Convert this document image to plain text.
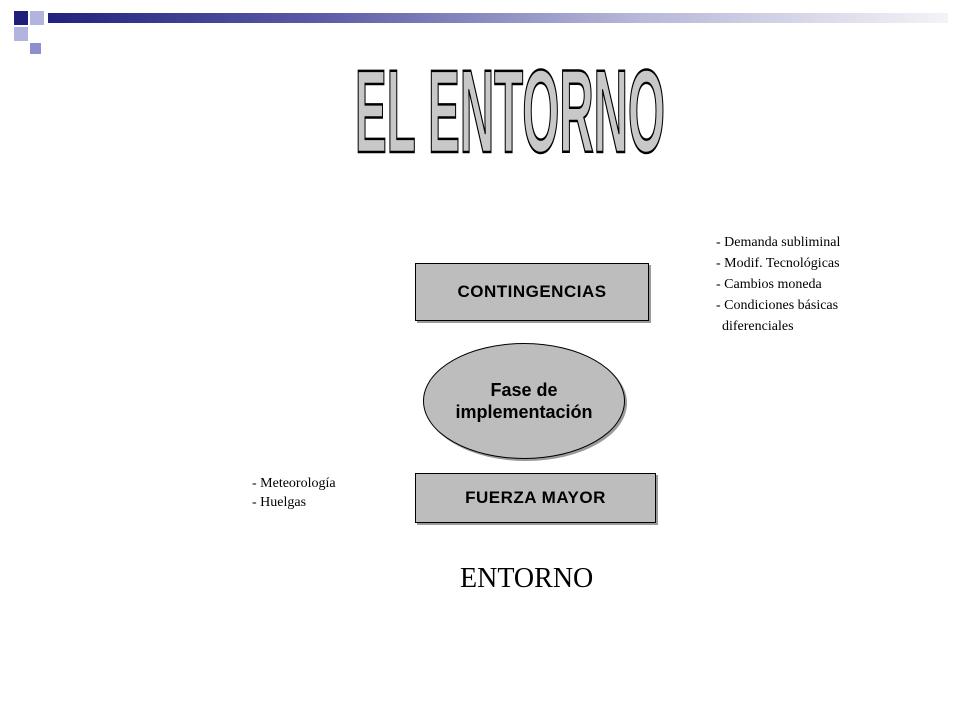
EL ENTORNO
CONTINGENCIAS
Fase de
implementación
FUERZA MAYOR
- Demanda subliminal
- Modif. Tecnológicas
- Cambios moneda
- Condiciones básicas
diferenciales
- Meteorología
- Huelgas
ENTORNO
